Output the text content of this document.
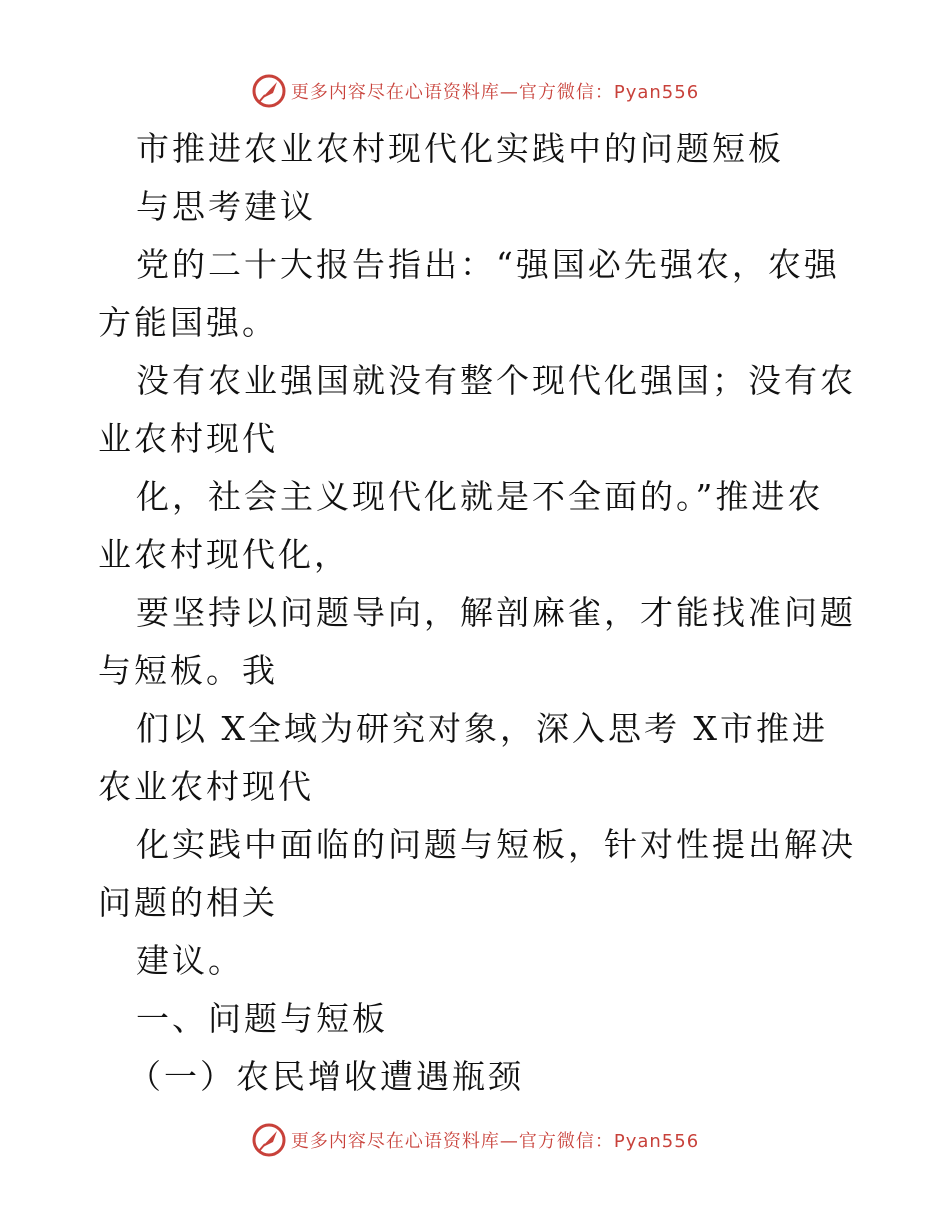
更多内容尽在心语资料库—官方微信：Pyan556

市推进农业农村现代化实践中的问题短板

与思考建议

党的二十大报告指出：“强国必先强农，农强方能国强。

没有农业强国就没有整个现代化强国；没有农业农村现代

化，社会主义现代化就是不全面的。”推进农业农村现代化，

要坚持以问题导向，解剖麻雀，才能找准问题与短板。我

们以 X全域为研究对象，深入思考 X市推进农业农村现代

化实践中面临的问题与短板，针对性提出解决问题的相关

建议。

一、问题与短板

（一）农民增收遭遇瓶颈

更多内容尽在心语资料库—官方微信：Pyan556
